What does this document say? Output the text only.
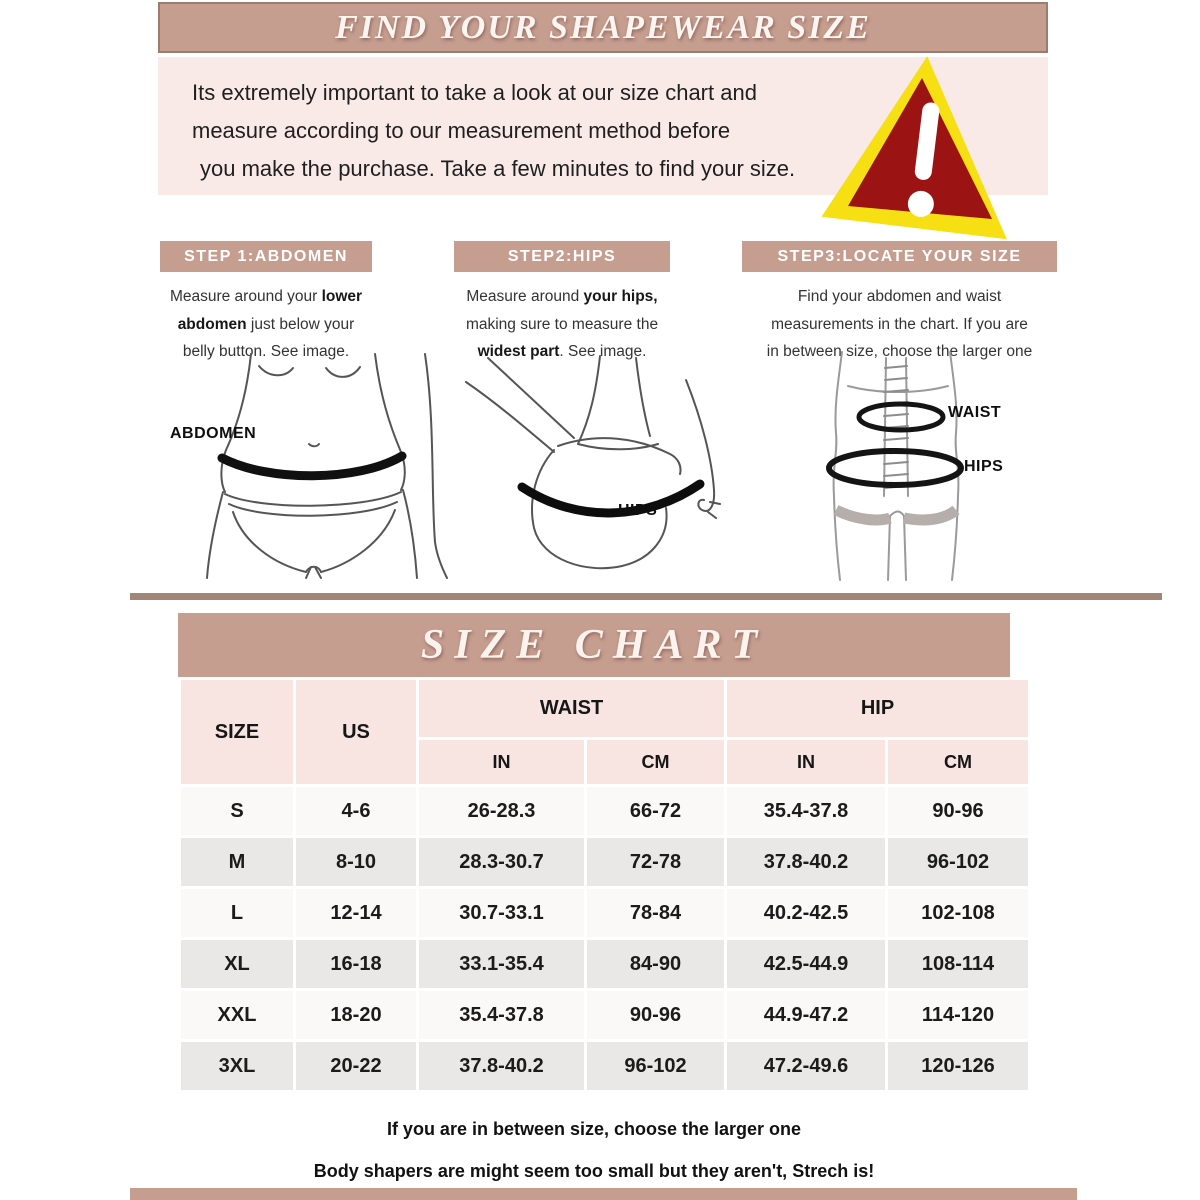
FIND YOUR SHAPEWEAR SIZE
Its extremely important to take a look at our size chart and
measure according to our measurement method before
you make the purchase. Take a few minutes to find your size.
STEP 1:ABDOMEN
Measure around your lower
abdomen just below your
belly button. See image.
STEP2:HIPS
Measure around your hips,
making sure to measure the
widest part. See image.
STEP3:LOCATE YOUR SIZE
Find your abdomen and waist
measurements in the chart. If you are
in between size, choose the larger one
ABDOMEN
HIPS
WAIST
HIPS
SIZE CHART
SIZE	US	WAIST		HIP	
		IN	CM	IN	CM
S	4-6	26-28.3	66-72	35.4-37.8	90-96
M	8-10	28.3-30.7	72-78	37.8-40.2	96-102
L	12-14	30.7-33.1	78-84	40.2-42.5	102-108
XL	16-18	33.1-35.4	84-90	42.5-44.9	108-114
XXL	18-20	35.4-37.8	90-96	44.9-47.2	114-120
3XL	20-22	37.8-40.2	96-102	47.2-49.6	120-126
If you are in between size, choose the larger one
Body shapers are might seem too small but they aren't, Strech is!
